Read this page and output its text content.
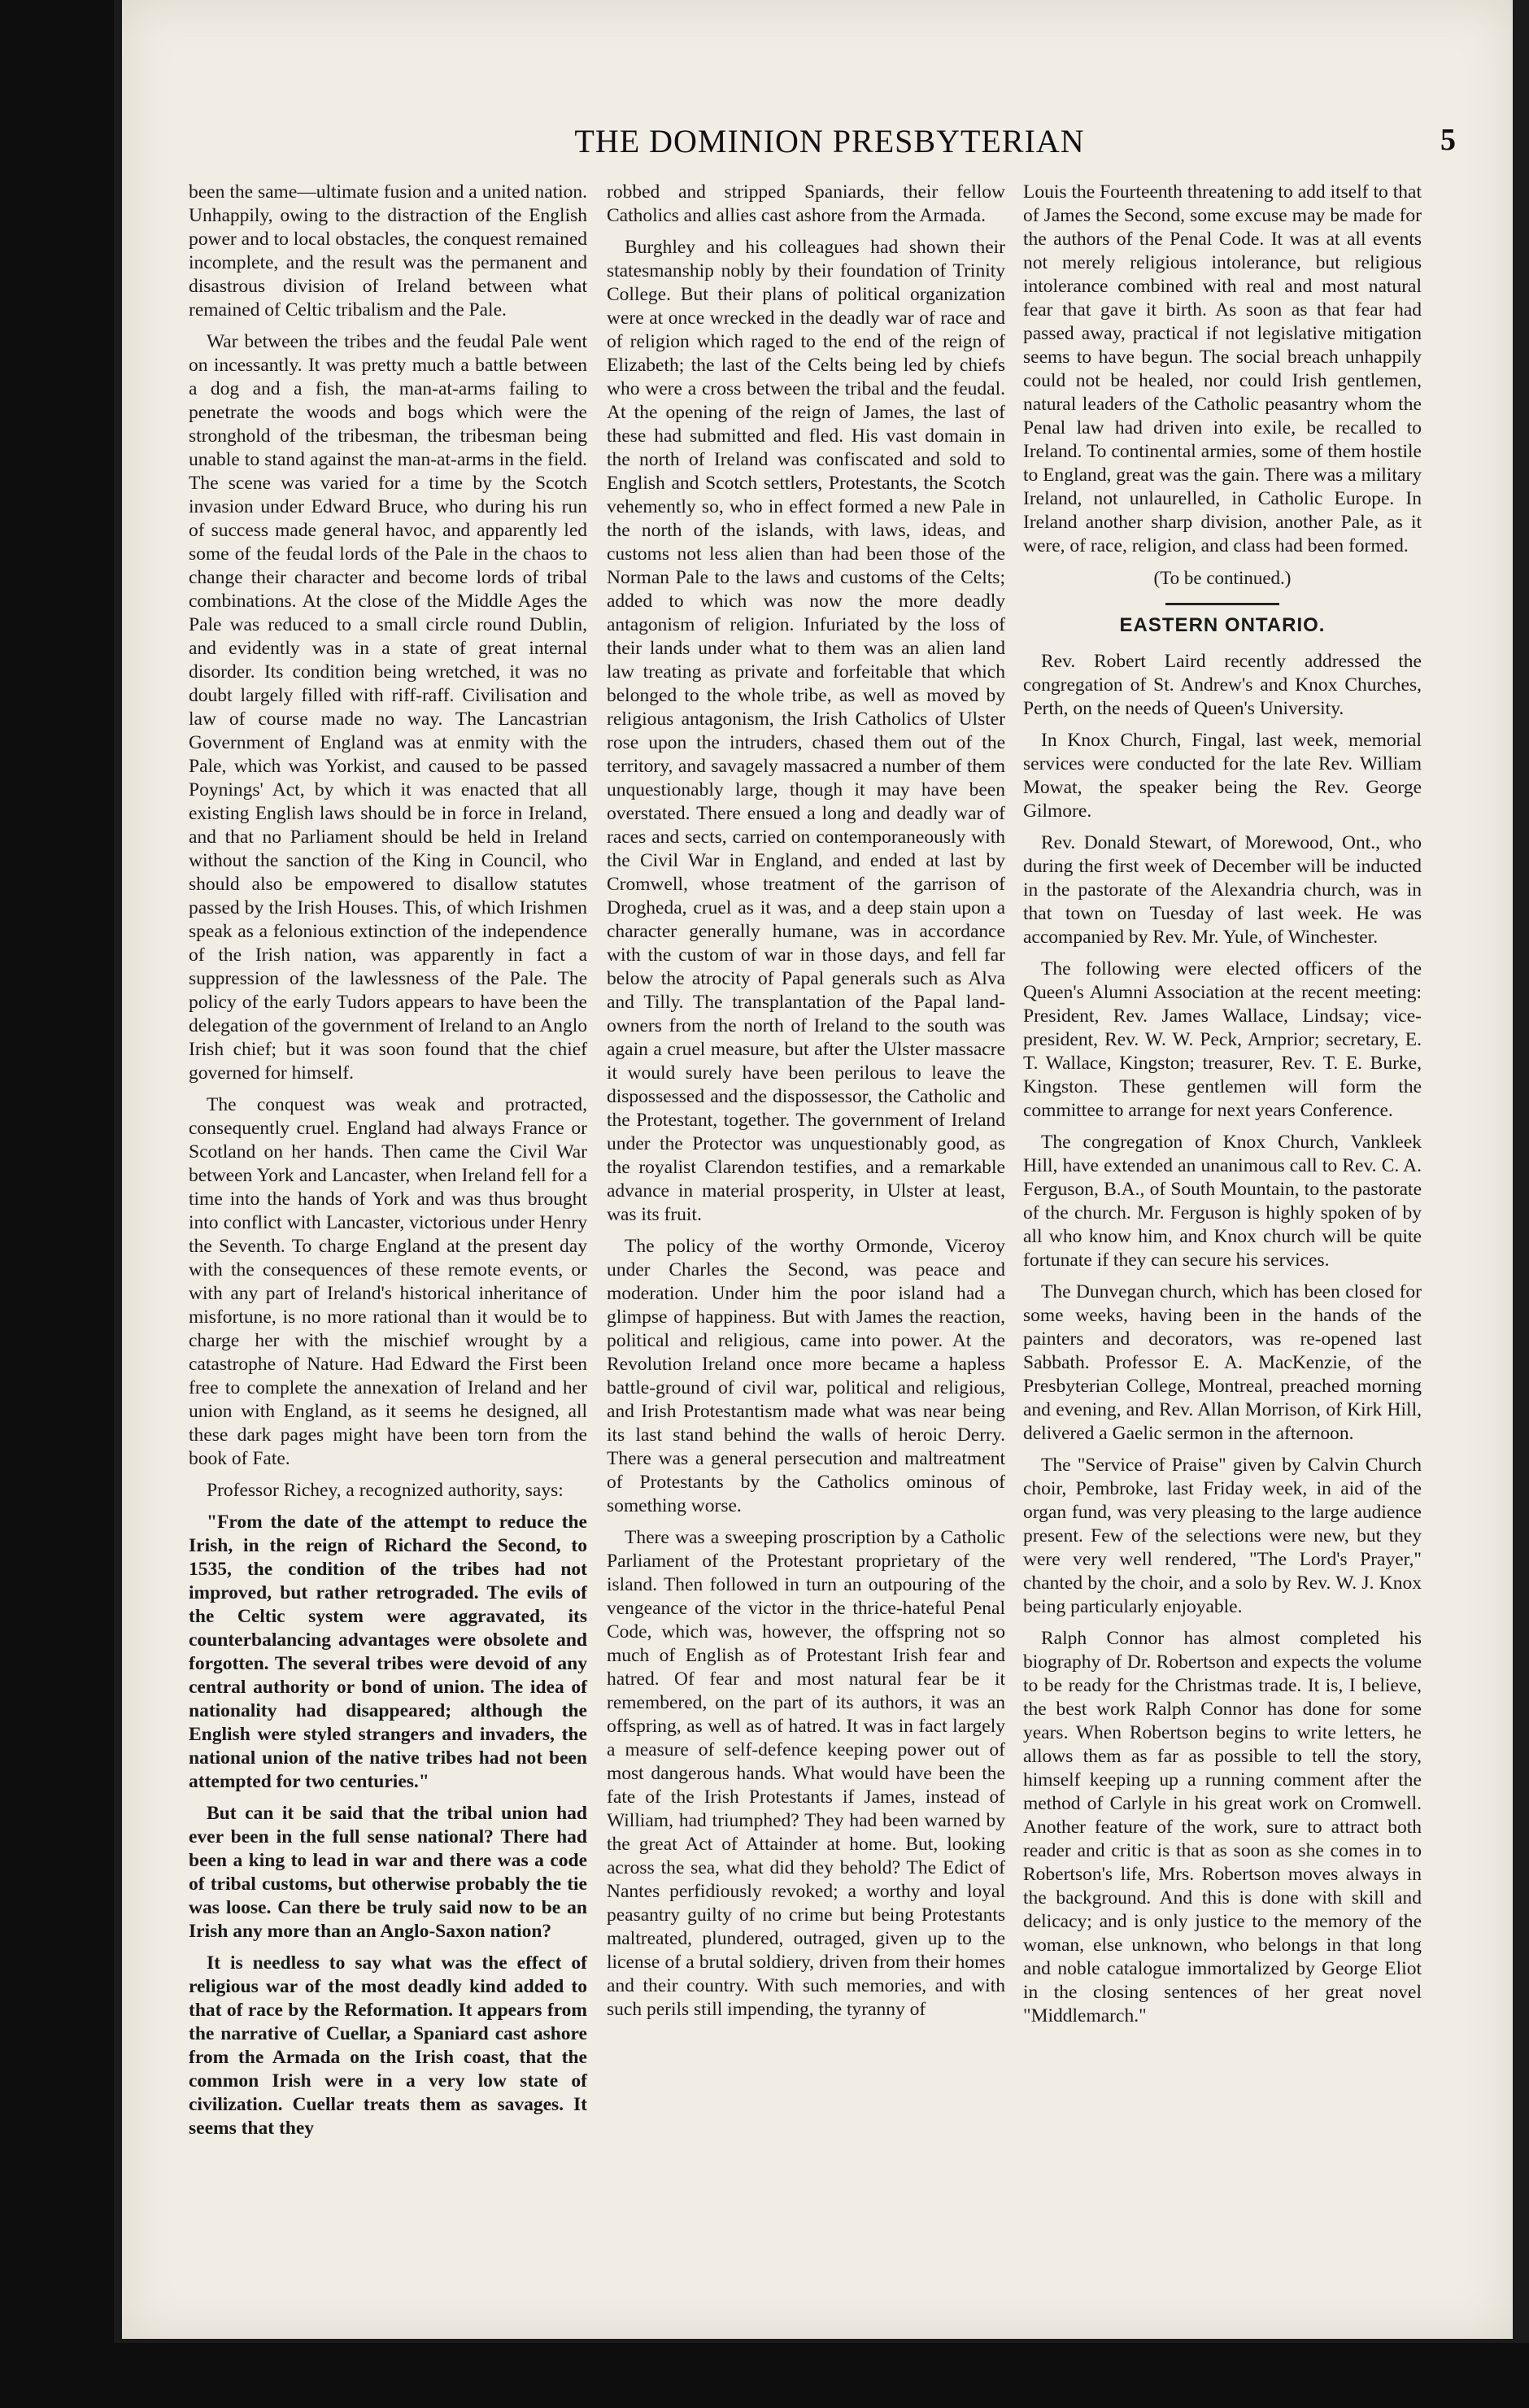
THE DOMINION PRESBYTERIAN	5

been the same—ultimate fusion and a united nation. Unhappily, owing to the distraction of the English power and to local obstacles, the conquest remained incomplete, and the result was the permanent and disastrous division of Ireland between what remained of Celtic tribalism and the Pale.

War between the tribes and the feudal Pale went on incessantly. It was pretty much a battle between a dog and a fish, the man-at-arms failing to penetrate the woods and bogs which were the stronghold of the tribesman, the tribesman being unable to stand against the man-at-arms in the field. The scene was varied for a time by the Scotch invasion under Edward Bruce, who during his run of success made general havoc, and apparently led some of the feudal lords of the Pale in the chaos to change their character and become lords of tribal combinations. At the close of the Middle Ages the Pale was reduced to a small circle round Dublin, and evidently was in a state of great internal disorder. Its condition being wretched, it was no doubt largely filled with riff-raff. Civilisation and law of course made no way. The Lancastrian Government of England was at enmity with the Pale, which was Yorkist, and caused to be passed Poynings' Act, by which it was enacted that all existing English laws should be in force in Ireland, and that no Parliament should be held in Ireland without the sanction of the King in Council, who should also be empowered to disallow statutes passed by the Irish Houses. This, of which Irishmen speak as a felonious extinction of the independence of the Irish nation, was apparently in fact a suppression of the lawlessness of the Pale. The policy of the early Tudors appears to have been the delegation of the government of Ireland to an Anglo Irish chief; but it was soon found that the chief governed for himself.

The conquest was weak and protracted, consequently cruel. England had always France or Scotland on her hands. Then came the Civil War between York and Lancaster, when Ireland fell for a time into the hands of York and was thus brought into conflict with Lancaster, victorious under Henry the Seventh. To charge England at the present day with the consequences of these remote events, or with any part of Ireland's historical inheritance of misfortune, is no more rational than it would be to charge her with the mischief wrought by a catastrophe of Nature. Had Edward the First been free to complete the annexation of Ireland and her union with England, as it seems he designed, all these dark pages might have been torn from the book of Fate.

Professor Richey, a recognized authority, says:

"From the date of the attempt to reduce the Irish, in the reign of Richard the Second, to 1535, the condition of the tribes had not improved, but rather retrograded. The evils of the Celtic system were aggravated, its counterbalancing advantages were obsolete and forgotten. The several tribes were devoid of any central authority or bond of union. The idea of nationality had disappeared; although the English were styled strangers and invaders, the national union of the native tribes had not been attempted for two centuries."

But can it be said that the tribal union had ever been in the full sense national? There had been a king to lead in war and there was a code of tribal customs, but otherwise probably the tie was loose. Can there be truly said now to be an Irish any more than an Anglo-Saxon nation?

It is needless to say what was the effect of religious war of the most deadly kind added to that of race by the Reformation. It appears from the narrative of Cuellar, a Spaniard cast ashore from the Armada on the Irish coast, that the common Irish were in a very low state of civilization. Cuellar treats them as savages. It seems that they

robbed and stripped Spaniards, their fellow Catholics and allies cast ashore from the Armada.

Burghley and his colleagues had shown their statesmanship nobly by their foundation of Trinity College. But their plans of political organization were at once wrecked in the deadly war of race and of religion which raged to the end of the reign of Elizabeth; the last of the Celts being led by chiefs who were a cross between the tribal and the feudal. At the opening of the reign of James, the last of these had submitted and fled. His vast domain in the north of Ireland was confiscated and sold to English and Scotch settlers, Protestants, the Scotch vehemently so, who in effect formed a new Pale in the north of the islands, with laws, ideas, and customs not less alien than had been those of the Norman Pale to the laws and customs of the Celts; added to which was now the more deadly antagonism of religion. Infuriated by the loss of their lands under what to them was an alien land law treating as private and forfeitable that which belonged to the whole tribe, as well as moved by religious antagonism, the Irish Catholics of Ulster rose upon the intruders, chased them out of the territory, and savagely massacred a number of them unquestionably large, though it may have been overstated. There ensued a long and deadly war of races and sects, carried on contemporaneously with the Civil War in England, and ended at last by Cromwell, whose treatment of the garrison of Drogheda, cruel as it was, and a deep stain upon a character generally humane, was in accordance with the custom of war in those days, and fell far below the atrocity of Papal generals such as Alva and Tilly. The transplantation of the Papal land-owners from the north of Ireland to the south was again a cruel measure, but after the Ulster massacre it would surely have been perilous to leave the dispossessed and the dispossessor, the Catholic and the Protestant, together. The government of Ireland under the Protector was unquestionably good, as the royalist Clarendon testifies, and a remarkable advance in material prosperity, in Ulster at least, was its fruit.

The policy of the worthy Ormonde, Viceroy under Charles the Second, was peace and moderation. Under him the poor island had a glimpse of happiness. But with James the reaction, political and religious, came into power. At the Revolution Ireland once more became a hapless battle-ground of civil war, political and religious, and Irish Protestantism made what was near being its last stand behind the walls of heroic Derry. There was a general persecution and maltreatment of Protestants by the Catholics ominous of something worse.

There was a sweeping proscription by a Catholic Parliament of the Protestant proprietary of the island. Then followed in turn an outpouring of the vengeance of the victor in the thrice-hateful Penal Code, which was, however, the offspring not so much of English as of Protestant Irish fear and hatred. Of fear and most natural fear be it remembered, on the part of its authors, it was an offspring, as well as of hatred. It was in fact largely a measure of self-defence keeping power out of most dangerous hands. What would have been the fate of the Irish Protestants if James, instead of William, had triumphed? They had been warned by the great Act of Attainder at home. But, looking across the sea, what did they behold? The Edict of Nantes perfidiously revoked; a worthy and loyal peasantry guilty of no crime but being Protestants maltreated, plundered, outraged, given up to the license of a brutal soldiery, driven from their homes and their country. With such memories, and with such perils still impending, the tyranny of

Louis the Fourteenth threatening to add itself to that of James the Second, some excuse may be made for the authors of the Penal Code. It was at all events not merely religious intolerance, but religious intolerance combined with real and most natural fear that gave it birth. As soon as that fear had passed away, practical if not legislative mitigation seems to have begun. The social breach unhappily could not be healed, nor could Irish gentlemen, natural leaders of the Catholic peasantry whom the Penal law had driven into exile, be recalled to Ireland. To continental armies, some of them hostile to England, great was the gain. There was a military Ireland, not unlaurelled, in Catholic Europe. In Ireland another sharp division, another Pale, as it were, of race, religion, and class had been formed.

(To be continued.)
EASTERN ONTARIO.

Rev. Robert Laird recently addressed the congregation of St. Andrew's and Knox Churches, Perth, on the needs of Queen's University.

In Knox Church, Fingal, last week, memorial services were conducted for the late Rev. William Mowat, the speaker being the Rev. George Gilmore.

Rev. Donald Stewart, of Morewood, Ont., who during the first week of December will be inducted in the pastorate of the Alexandria church, was in that town on Tuesday of last week. He was accompanied by Rev. Mr. Yule, of Winchester.

The following were elected officers of the Queen's Alumni Association at the recent meeting: President, Rev. James Wallace, Lindsay; vice-president, Rev. W. W. Peck, Arnprior; secretary, E. T. Wallace, Kingston; treasurer, Rev. T. E. Burke, Kingston. These gentlemen will form the committee to arrange for next years Conference.

The congregation of Knox Church, Vankleek Hill, have extended an unanimous call to Rev. C. A. Ferguson, B.A., of South Mountain, to the pastorate of the church. Mr. Ferguson is highly spoken of by all who know him, and Knox church will be quite fortunate if they can secure his services.

The Dunvegan church, which has been closed for some weeks, having been in the hands of the painters and decorators, was re-opened last Sabbath. Professor E. A. MacKenzie, of the Presbyterian College, Montreal, preached morning and evening, and Rev. Allan Morrison, of Kirk Hill, delivered a Gaelic sermon in the afternoon.

The "Service of Praise" given by Calvin Church choir, Pembroke, last Friday week, in aid of the organ fund, was very pleasing to the large audience present. Few of the selections were new, but they were very well rendered, "The Lord's Prayer," chanted by the choir, and a solo by Rev. W. J. Knox being particularly enjoyable.

Ralph Connor has almost completed his biography of Dr. Robertson and expects the volume to be ready for the Christmas trade. It is, I believe, the best work Ralph Connor has done for some years. When Robertson begins to write letters, he allows them as far as possible to tell the story, himself keeping up a running comment after the method of Carlyle in his great work on Cromwell. Another feature of the work, sure to attract both reader and critic is that as soon as she comes in to Robertson's life, Mrs. Robertson moves always in the background. And this is done with skill and delicacy; and is only justice to the memory of the woman, else unknown, who belongs in that long and noble catalogue immortalized by George Eliot in the closing sentences of her great novel "Middlemarch."
